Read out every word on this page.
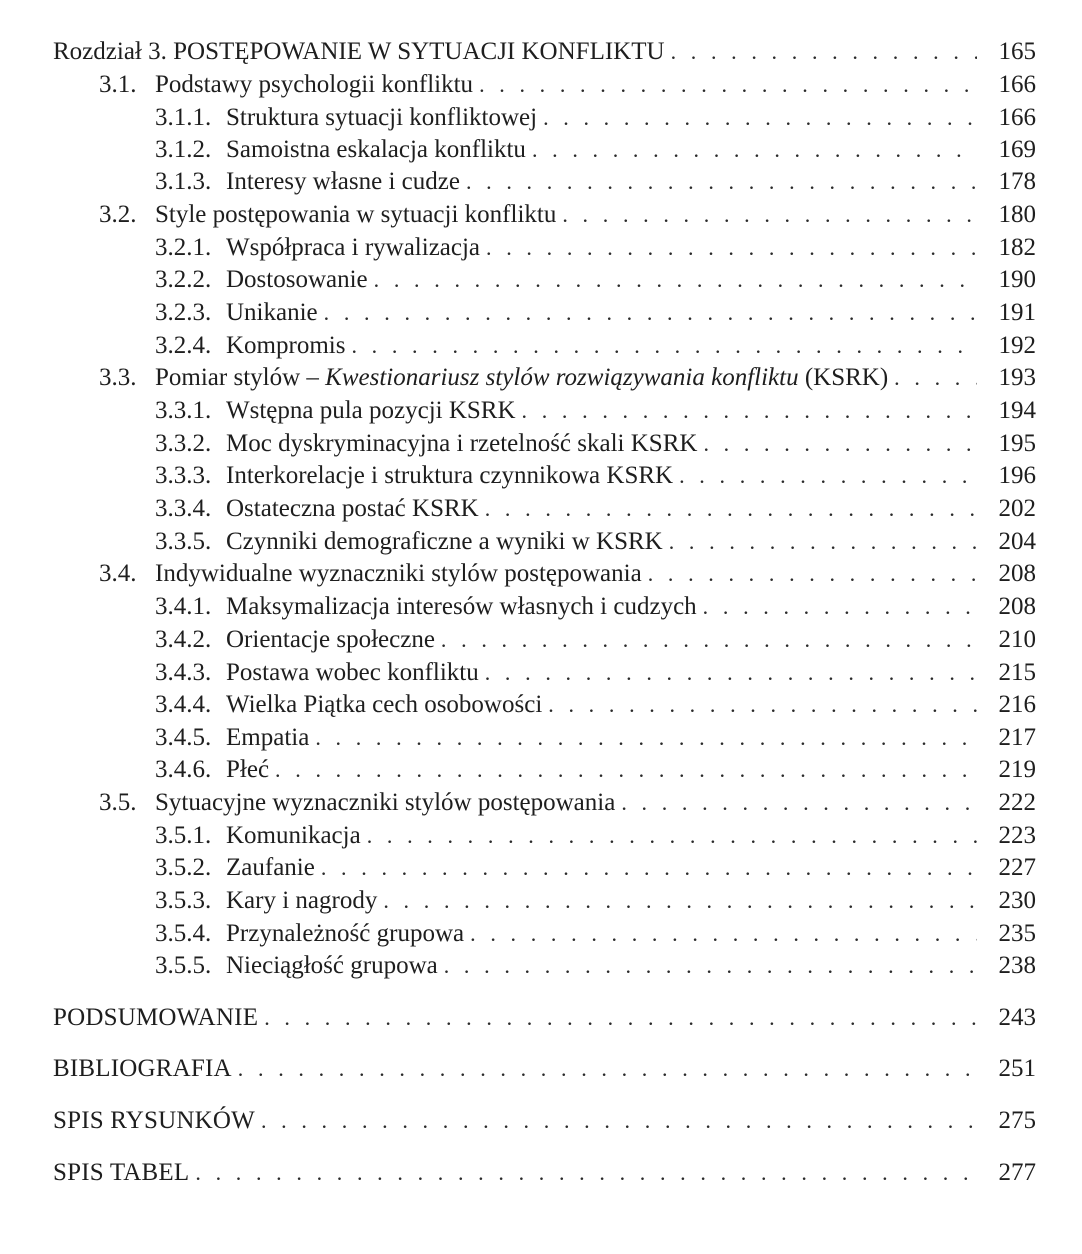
Rozdział 3. POSTĘPOWANIE W SYTUACJI KONFLIKTU . . .	165
3.1. Podstawy psychologii konfliktu . . .	166
3.1.1. Struktura sytuacji konfliktowej . . .	166
3.1.2. Samoistna eskalacja konfliktu . . .	169
3.1.3. Interesy własne i cudze . . .	178
3.2. Style postępowania w sytuacji konfliktu . . .	180
3.2.1. Współpraca i rywalizacja . . .	182
3.2.2. Dostosowanie . . .	190
3.2.3. Unikanie . . .	191
3.2.4. Kompromis . . .	192
3.3. Pomiar stylów – Kwestionariusz stylów rozwiązywania konfliktu (KSRK) . . .	193
3.3.1. Wstępna pula pozycji KSRK . . .	194
3.3.2. Moc dyskryminacyjna i rzetelność skali KSRK . . .	195
3.3.3. Interkorelacje i struktura czynnikowa KSRK . . .	196
3.3.4. Ostateczna postać KSRK . . .	202
3.3.5. Czynniki demograficzne a wyniki w KSRK . . .	204
3.4. Indywidualne wyznaczniki stylów postępowania . . .	208
3.4.1. Maksymalizacja interesów własnych i cudzych . . .	208
3.4.2. Orientacje społeczne . . .	210
3.4.3. Postawa wobec konfliktu . . .	215
3.4.4. Wielka Piątka cech osobowości . . .	216
3.4.5. Empatia . . .	217
3.4.6. Płeć . . .	219
3.5. Sytuacyjne wyznaczniki stylów postępowania . . .	222
3.5.1. Komunikacja . . .	223
3.5.2. Zaufanie . . .	227
3.5.3. Kary i nagrody . . .	230
3.5.4. Przynależność grupowa . . .	235
3.5.5. Nieciągłość grupowa . . .	238
PODSUMOWANIE . . .	243
BIBLIOGRAFIA . . .	251
SPIS RYSUNKÓW . . .	275
SPIS TABEL . . .	277
